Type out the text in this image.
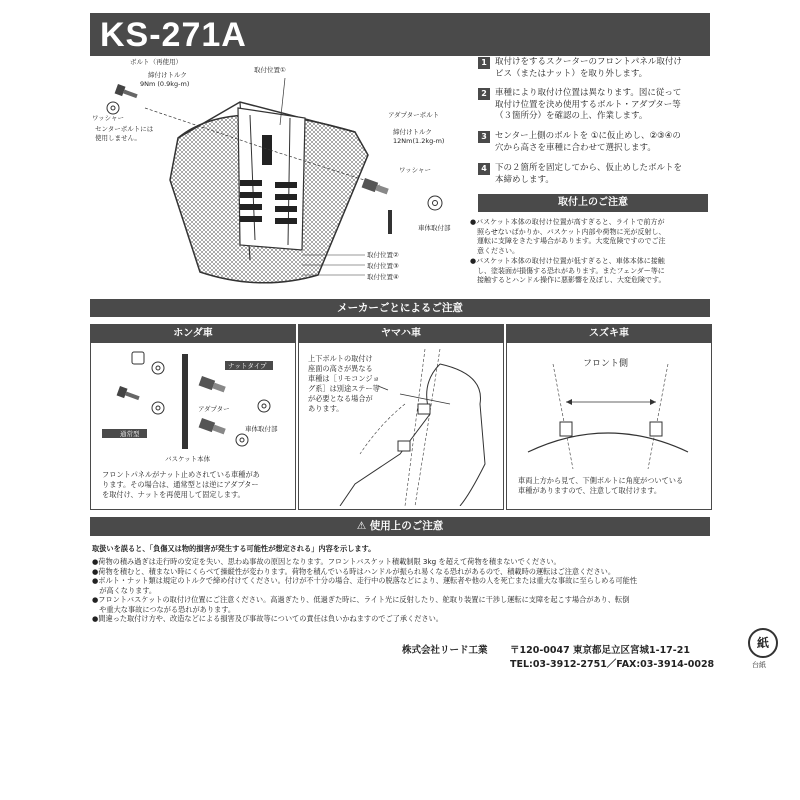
KS-271A
ボルト（再使用）
締付けトルク
9Nm (0.9kg-m)
ワッシャー
センターボルトには
使用しません。
取付位置①
アダプターボルト
締付けトルク
12Nm(1.2kg-m)
ワッシャー
車体取付部
取付位置②
取付位置③
取付位置④
1 取付けをするスクーターのフロントパネル取付け
ビス（またはナット）を取り外します。
2 車種により取付け位置は異なります。図に従って
取付け位置を決め使用するボルト・アダプター等
（３箇所分）を確認の上、作業します。
3 センター上側のボルトを ①に仮止めし、②③④の
穴から高さを車種に合わせて選択します。
4 下の２箇所を固定してから、仮止めしたボルトを
本締めします。
取付上のご注意
●バスケット本体の取付け位置が高すぎると、ライトで前方が
　照らせないばかりか、バスケット内部や荷物に光が反射し、
　運転に支障をきたす場合があります。大変危険ですのでご注
　意ください。
●バスケット本体の取付け位置が低すぎると、車体本体に接触
　し、塗装面が損傷する恐れがあります。またフェンダー等に
　接触するとハンドル操作に悪影響を及ぼし、大変危険です。
メーカーごとによるご注意
ホンダ車
ナットタイプ
アダプター
車体取付部
通常型
バスケット本体
フロントパネルがナット止めされている車種があ
ります。その場合は、通常型とは逆にアダプター
を取付け、ナットを再使用して固定します。
ヤマハ車
上下ボルトの取付け
座面の高さが異なる
車種は［リモコンジョ
グ系］は別途ステー等
が必要となる場合が
あります。
スズキ車
フロント側
車両上方から見て、下側ボルトに角度がついている
車種がありますので、注意して取付けます。
⚠ 使用上のご注意
取扱いを誤ると、「負傷又は物的損害が発生する可能性が想定される」内容を示します。
●荷物の積み過ぎは走行時の安定を失い、思わぬ事故の原因となります。フロントバスケット積載制限 3kg を超えて荷物を積まないでください。
●荷物を積むと、積まない時にくらべて操縦性が変わります。荷物を積んでいる時はハンドルが振られ易くなる恐れがあるので、積載時の運転はご注意ください。
●ボルト・ナット類は規定のトルクで締め付けてください。付けが不十分の場合、走行中の脱落などにより、運転者や他の人を死亡または重大な事故に至らしめる可能性
　が高くなります。
●フロントバスケットの取付け位置にご注意ください。高過ぎたり、低過ぎた時に、ライト光に反射したり、舵取り装置に干渉し運転に支障を起こす場合があり、転倒
　や重大な事故につながる恐れがあります。
●間違った取付け方や、改造などによる損害及び事故等についての責任は負いかねますのでご了承ください。
株式会社リード工業 〒120-0047 東京都足立区宮城1-17-21
TEL:03-3912-2751／FAX:03-3914-0028
紙
台紙
